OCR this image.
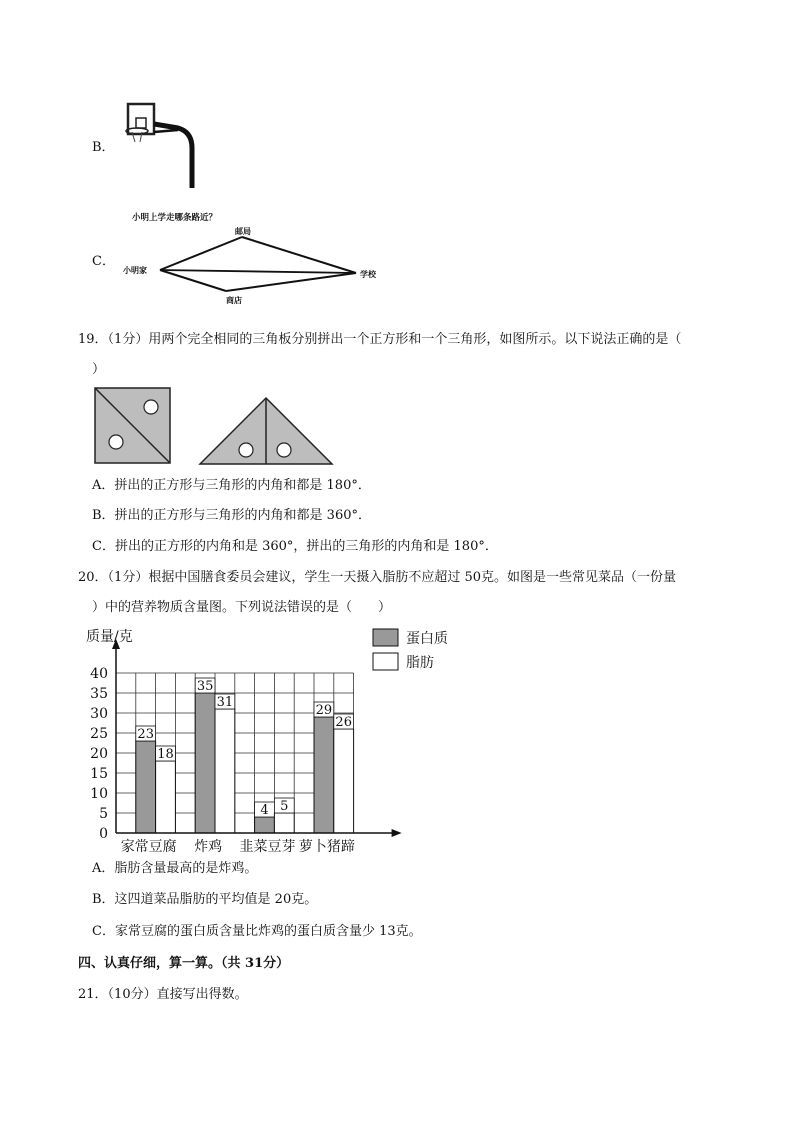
B．
C．
小明上学走哪条路近？
邮局
小明家	学校
商店
19．（1分）用两个完全相同的三角板分别拼出一个正方形和一个三角形，如图所示。以下说法正确的是（
）
A．拼出的正方形与三角形的内角和都是 180°．
B．拼出的正方形与三角形的内角和都是 360°．
C．拼出的正方形的内角和是 360°，拼出的三角形的内角和是 180°．
20．（1分）根据中国膳食委员会建议，学生一天摄入脂肪不应超过 50克。如图是一些常见菜品（一份量
）中的营养物质含量图。下列说法错误的是（　　）
0
5
10
15
20
25
30
35
40
质量/克
23
18
家常豆腐
35
31
炸鸡
4 5
韭菜豆芽
29
26
萝卜猪蹄
蛋白质
脂肪
A．脂肪含量最高的是炸鸡。
B．这四道菜品脂肪的平均值是 20克。
C．家常豆腐的蛋白质含量比炸鸡的蛋白质含量少 13克。
四、认真仔细，算一算。（共 31分）
21．（10分）直接写出得数。
